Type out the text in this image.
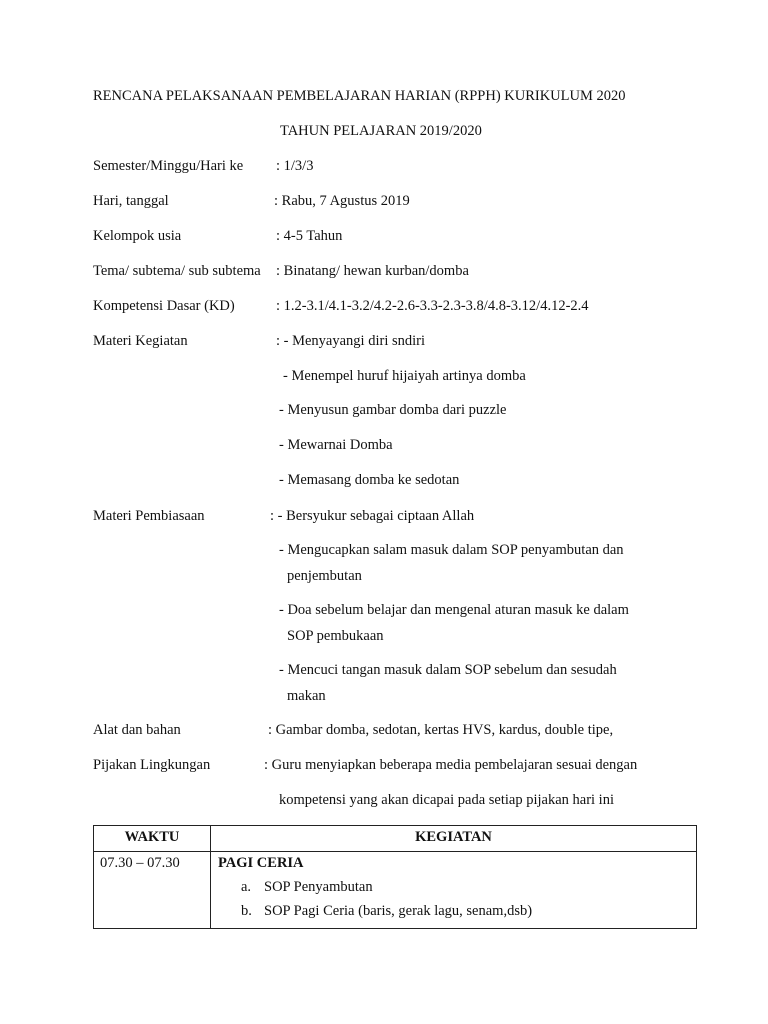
RENCANA PELAKSANAAN PEMBELAJARAN HARIAN (RPPH) KURIKULUM 2020
TAHUN PELAJARAN 2019/2020
Semester/Minggu/Hari ke : 1/3/3
Hari, tanggal	: Rabu, 7 Agustus 2019
Kelompok usia	: 4-5 Tahun
Tema/ subtema/ sub subtema : Binatang/ hewan kurban/domba
Kompetensi Dasar (KD)	: 1.2-3.1/4.1-3.2/4.2-2.6-3.3-2.3-3.8/4.8-3.12/4.12-2.4
Materi Kegiatan	: - Menyayangi diri sndiri
- Menempel huruf hijaiyah artinya domba
- Menyusun gambar domba dari puzzle
- Mewarnai Domba
- Memasang domba ke sedotan
Materi Pembiasaan	: - Bersyukur sebagai ciptaan Allah
- Mengucapkan salam masuk dalam SOP penyambutan dan
penjembutan
- Doa sebelum belajar dan mengenal aturan masuk ke dalam
SOP pembukaan
- Mencuci tangan masuk dalam SOP sebelum dan sesudah
makan
Alat dan bahan	: Gambar domba, sedotan, kertas HVS, kardus, double tipe,
Pijakan Lingkungan	: Guru menyiapkan beberapa media pembelajaran sesuai dengan
kompetensi yang akan dicapai pada setiap pijakan hari ini
WAKTU	KEGIATAN
07.30 – 07.30	PAGI CERIA
a. SOP Penyambutan
b. SOP Pagi Ceria (baris, gerak lagu, senam,dsb)
